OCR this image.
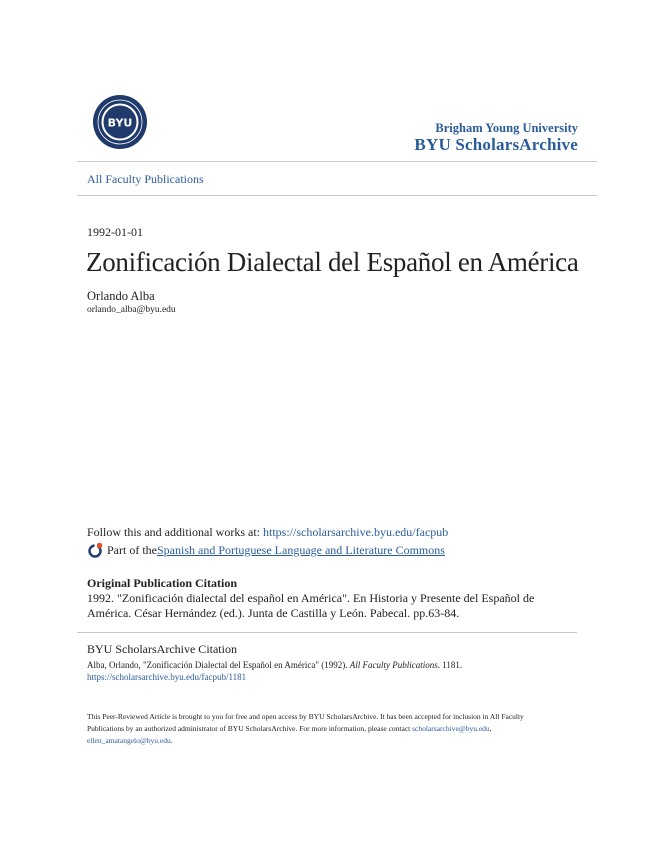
BYU	Brigham Young University
BYU ScholarsArchive
All Faculty Publications
1992-01-01
Zonificación Dialectal del Español en América
Orlando Alba
orlando_alba@byu.edu
Follow this and additional works at: https://scholarsarchive.byu.edu/facpub
Part of the Spanish and Portuguese Language and Literature Commons
Original Publication Citation
1992. "Zonificación dialectal del español en América". En Historia y Presente del Español de América. César Hernández (ed.). Junta de Castilla y León. Pabecal. pp.63-84.
BYU ScholarsArchive Citation
Alba, Orlando, "Zonificación Dialectal del Español en América" (1992). All Faculty Publications. 1181.
https://scholarsarchive.byu.edu/facpub/1181
This Peer-Reviewed Article is brought to you for free and open access by BYU ScholarsArchive. It has been accepted for inclusion in All Faculty Publications by an authorized administrator of BYU ScholarsArchive. For more information, please contact scholarsarchive@byu.edu, ellen_amatangelo@byu.edu.
